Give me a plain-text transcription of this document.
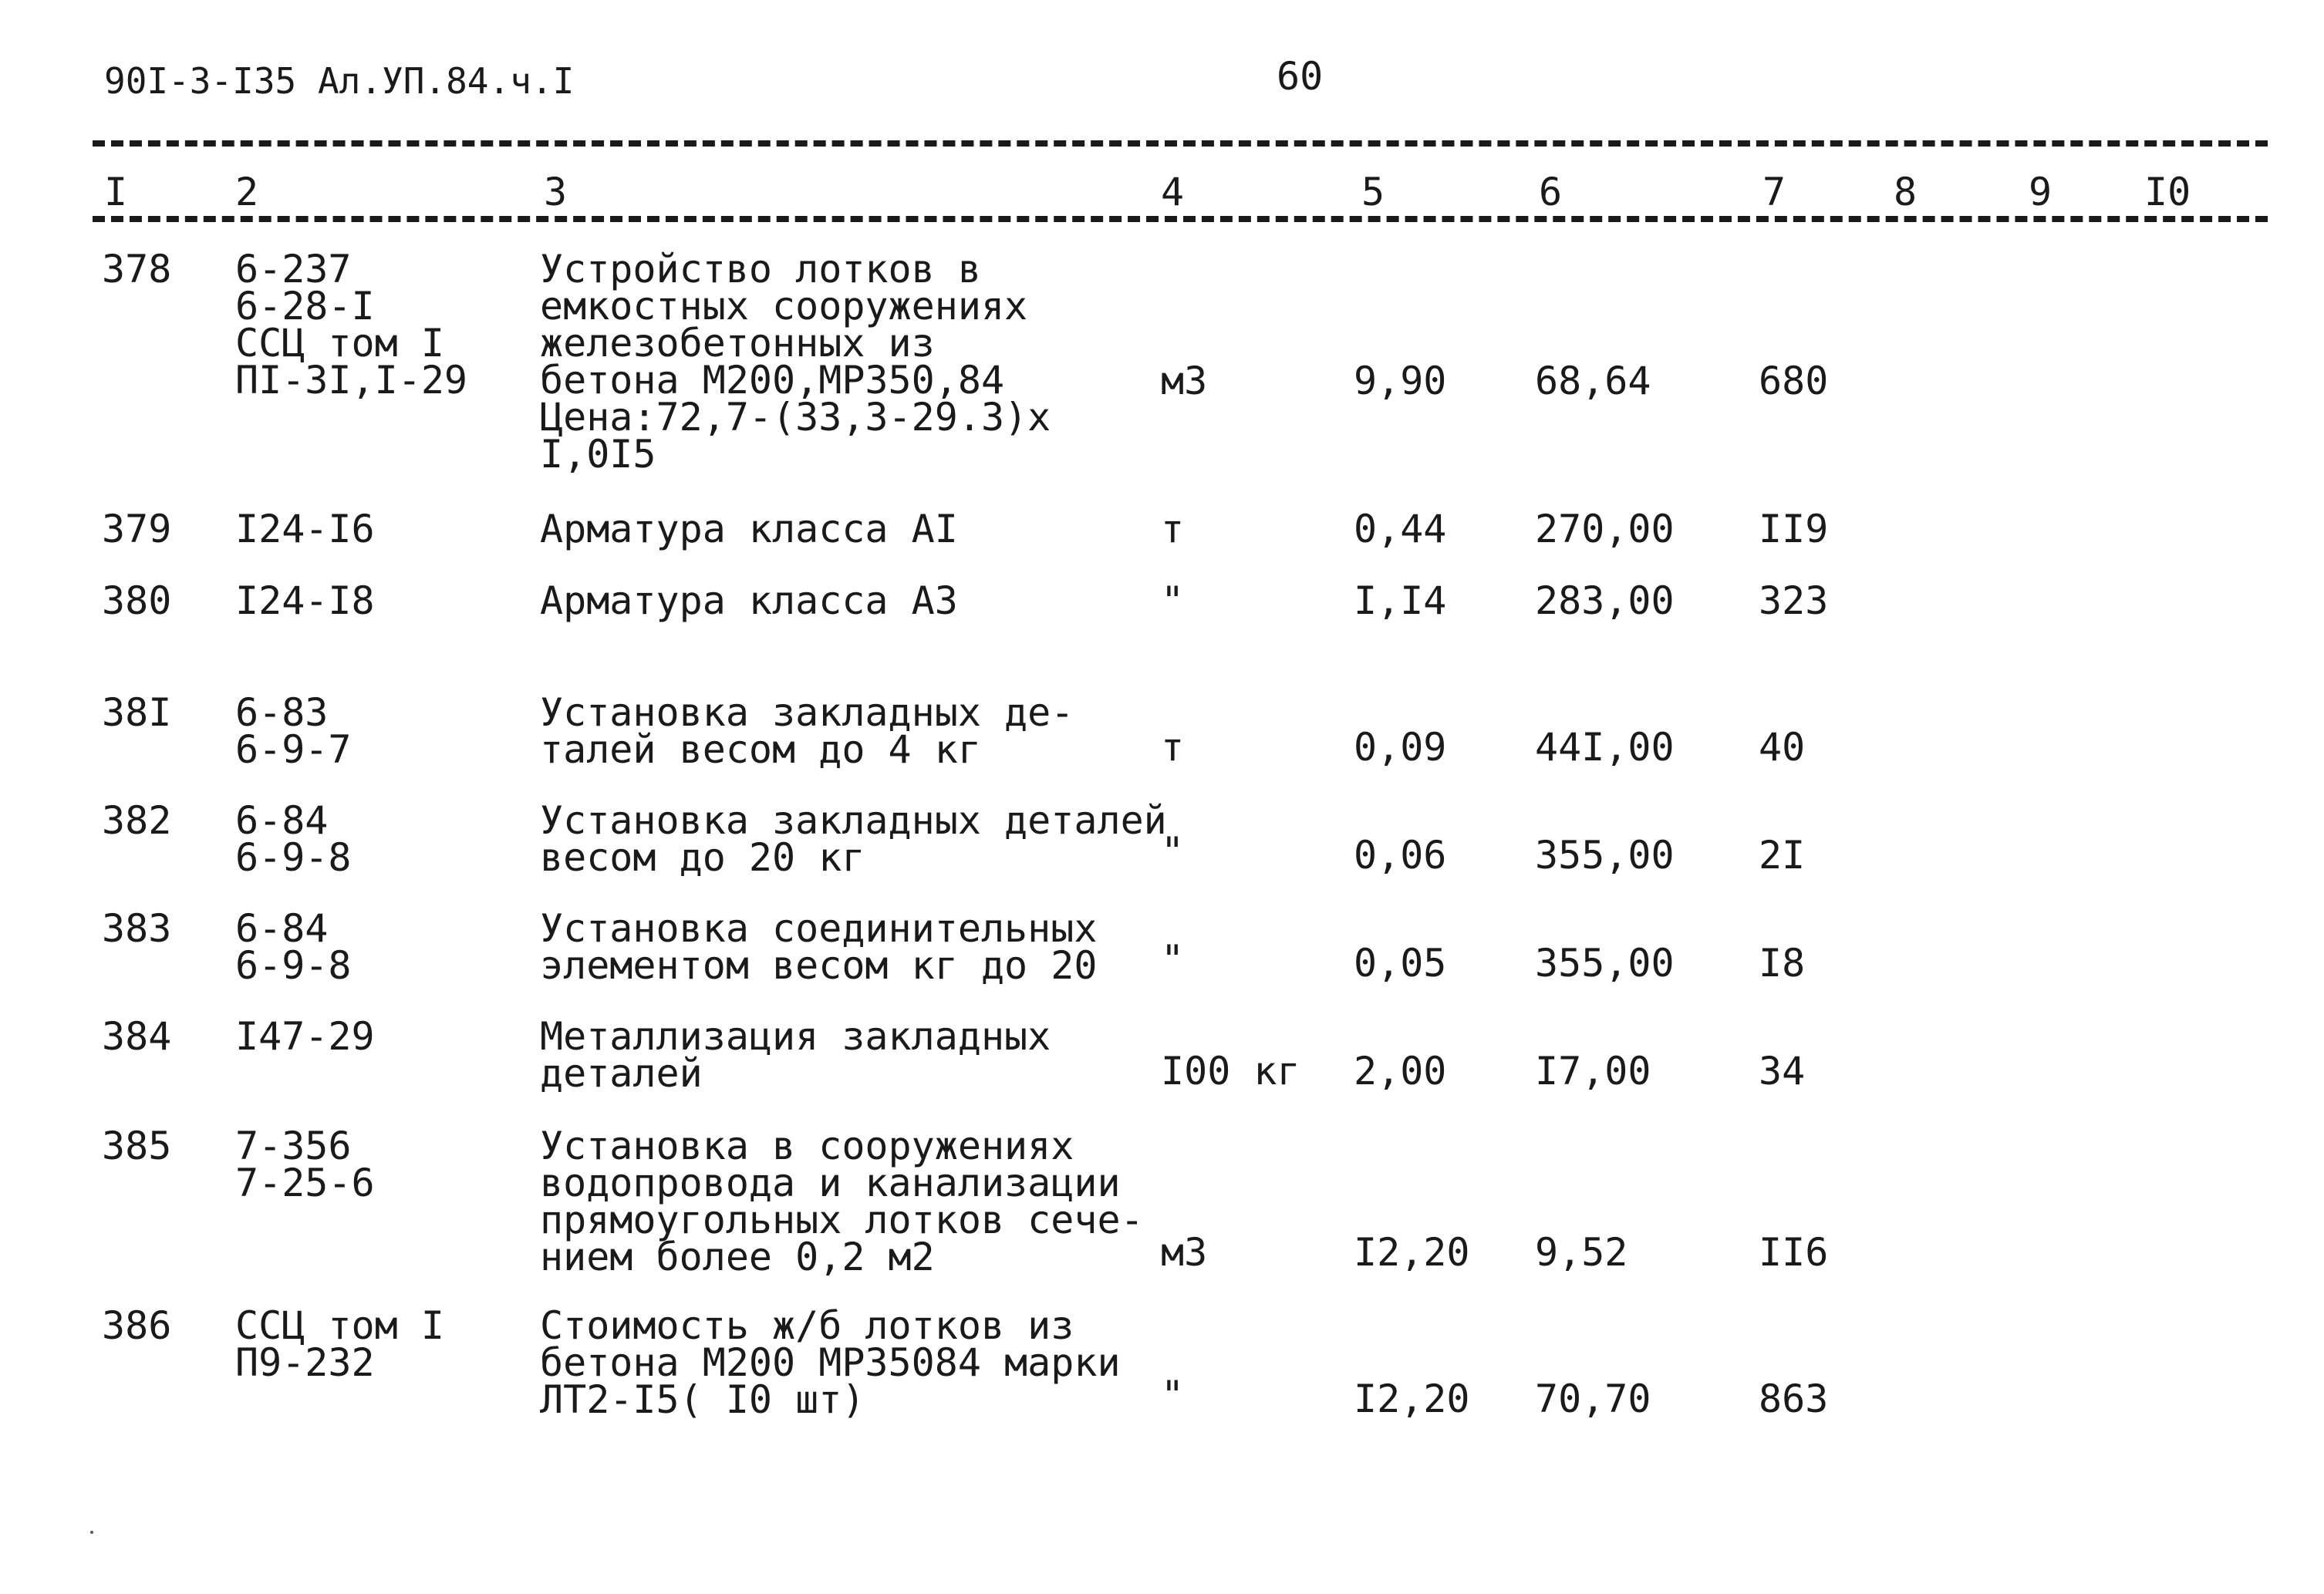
90I-3-I35 Ал.УП.84.ч.I	60
I	2	3	4	5	6	7	8	9 I0
378 6-237
6-28-I
ССЦ том I
ПI-3I,I-29
Устройство лотков в
емкостных сооружениях
железобетонных из
бетона М200,МР350,84
Цена:72,7-(33,3-29.3)х
I,0I5
м3	9,90 68,64	680
379 I24-I6	Арматура класса АI	т	0,44 270,00 II9
380 I24-I8	Арматура класса А3	"	I,I4 283,00 323
38I 6-83
6-9-7
Установка закладных де-
талей весом до 4 кг	т	0,09 44I,00 40
382 6-84
6-9-8
Установка закладных деталей
весом до 20 кг	"	0,06 355,00 2I
383 6-84
6-9-8
Установка соединительных
элементом весом кг до 20 "	0,05 355,00 I8
384 I47-29	Металлизация закладных
деталей	I00 кг 2,00 I7,00	34
385 7-356
7-25-6
Установка в сооружениях
водопровода и канализации
прямоугольных лотков сече-
нием более 0,2 м2	м3	I2,20 9,52	II6
386 ССЦ том I
П9-232
Стоимость ж/б лотков из
бетона М200 МР35084 марки
ЛТ2-I5( I0 шт)	"	I2,20 70,70	863
